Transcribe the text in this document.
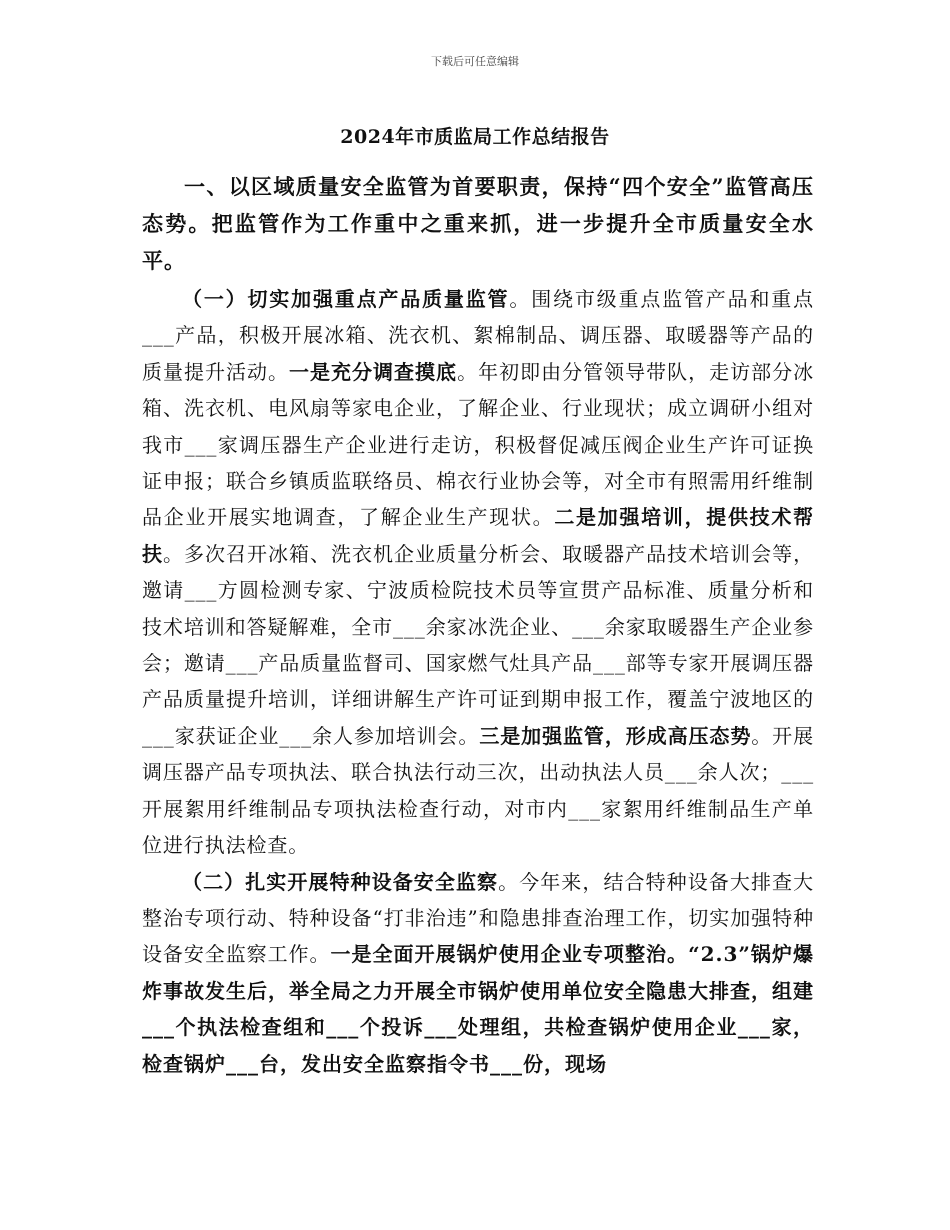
下载后可任意编辑
2024年市质监局工作总结报告

一、以区域质量安全监管为首要职责，保持“四个安全”监管高压态势。把监管作为工作重中之重来抓，进一步提升全市质量安全水平。

（一）切实加强重点产品质量监管。围绕市级重点监管产品和重点___产品，积极开展冰箱、洗衣机、絮棉制品、调压器、取暖器等产品的质量提升活动。一是充分调查摸底。年初即由分管领导带队，走访部分冰箱、洗衣机、电风扇等家电企业，了解企业、行业现状；成立调研小组对我市___家调压器生产企业进行走访，积极督促减压阀企业生产许可证换证申报；联合乡镇质监联络员、棉衣行业协会等，对全市有照需用纤维制品企业开展实地调查，了解企业生产现状。二是加强培训，提供技术帮扶。多次召开冰箱、洗衣机企业质量分析会、取暖器产品技术培训会等，邀请___方圆检测专家、宁波质检院技术员等宣贯产品标准、质量分析和技术培训和答疑解难，全市___余家冰洗企业、___余家取暖器生产企业参会；邀请___产品质量监督司、国家燃气灶具产品___部等专家开展调压器产品质量提升培训，详细讲解生产许可证到期申报工作，覆盖宁波地区的___家获证企业___余人参加培训会。三是加强监管，形成高压态势。开展调压器产品专项执法、联合执法行动三次，出动执法人员___余人次；___开展絮用纤维制品专项执法检查行动，对市内___家絮用纤维制品生产单位进行执法检查。

（二）扎实开展特种设备安全监察。今年来，结合特种设备大排查大整治专项行动、特种设备“打非治违”和隐患排查治理工作，切实加强特种设备安全监察工作。一是全面开展锅炉使用企业专项整治。“2.3”锅炉爆炸事故发生后，举全局之力开展全市锅炉使用单位安全隐患大排查，组建___个执法检查组和___个投诉___处理组，共检查锅炉使用企业___家，检查锅炉___台，发出安全监察指令书___份，现场
